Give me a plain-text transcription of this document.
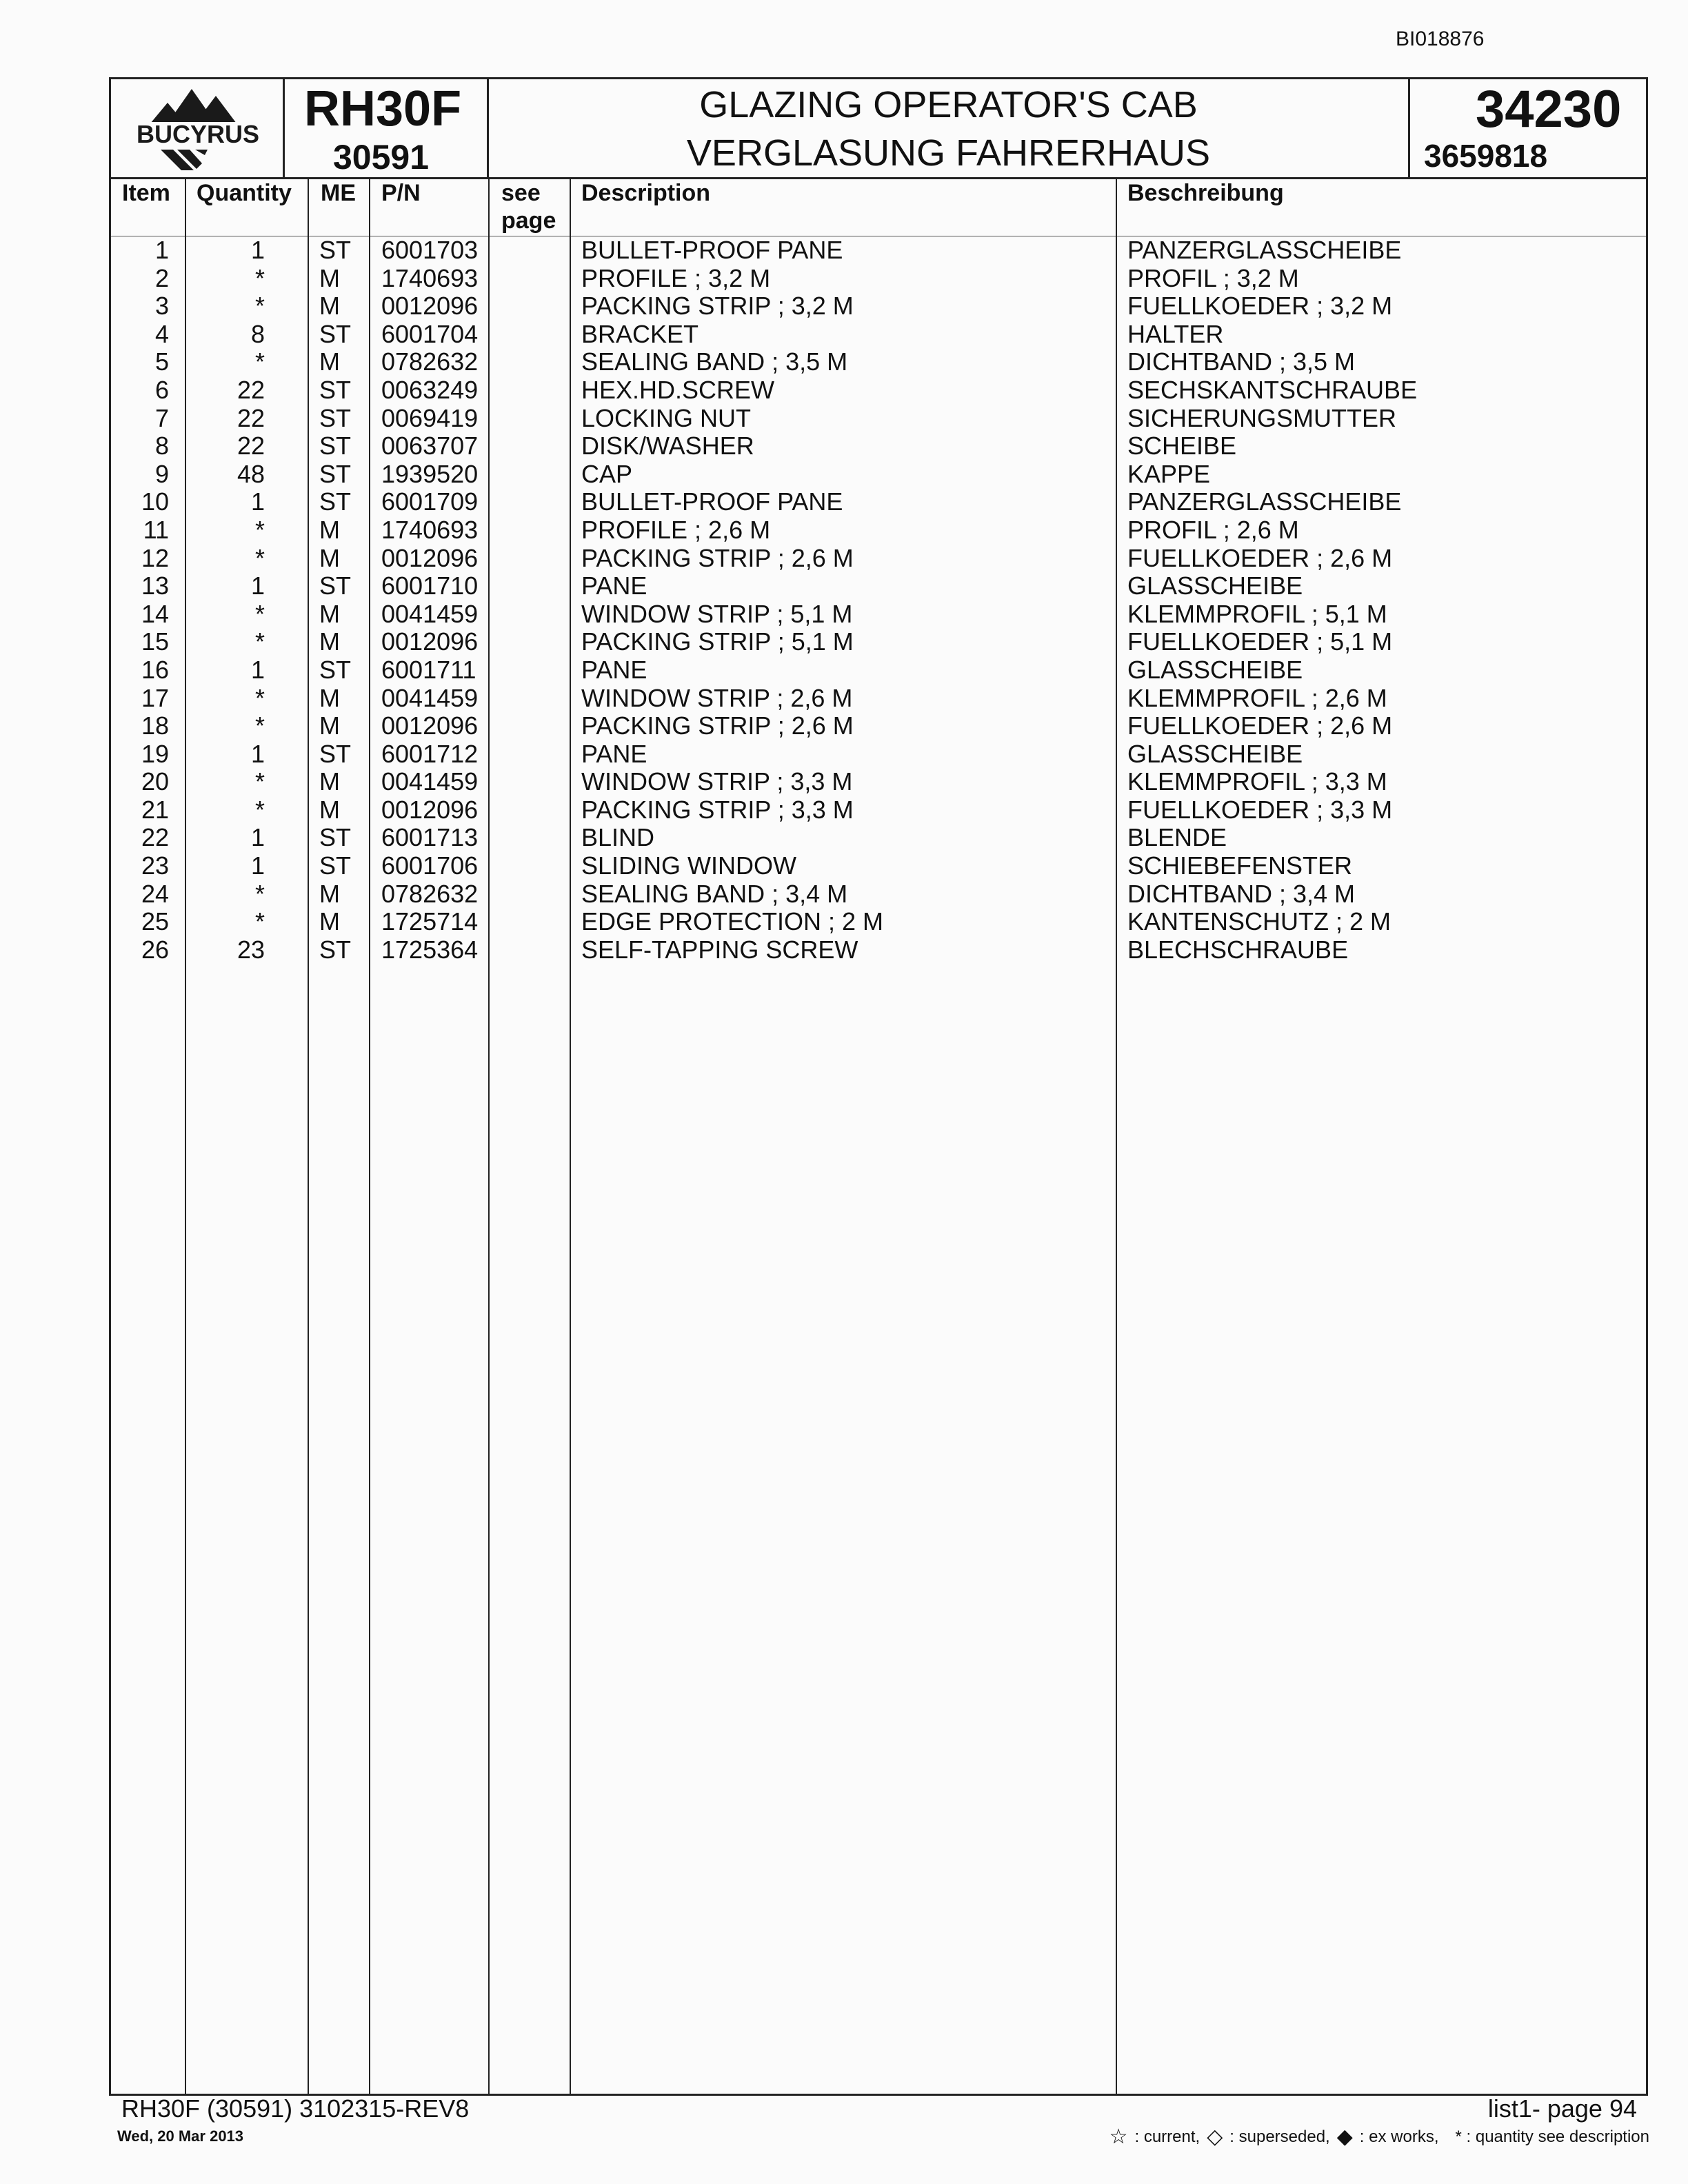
BI018876
BUCYRUS RH30F
30591
GLAZING OPERATOR'S CAB
VERGLASUNG FAHRERHAUS
34230
3659818
Item Quantity ME P/N	see
page
Description	Beschreibung
1	1 ST 6001703	BULLET-PROOF PANE	PANZERGLASSCHEIBE
2	* M 1740693	PROFILE ; 3,2 M	PROFIL ; 3,2 M
3	* M 0012096	PACKING STRIP ; 3,2 M	FUELLKOEDER ; 3,2 M
4	8 ST 6001704	BRACKET	HALTER
5	* M 0782632	SEALING BAND ; 3,5 M	DICHTBAND ; 3,5 M
6	22 ST 0063249	HEX.HD.SCREW	SECHSKANTSCHRAUBE
7	22 ST 0069419	LOCKING NUT	SICHERUNGSMUTTER
8	22 ST 0063707	DISK/WASHER	SCHEIBE
9	48 ST 1939520	CAP	KAPPE
10	1 ST 6001709	BULLET-PROOF PANE	PANZERGLASSCHEIBE
11	* M 1740693	PROFILE ; 2,6 M	PROFIL ; 2,6 M
12	* M 0012096	PACKING STRIP ; 2,6 M	FUELLKOEDER ; 2,6 M
13	1 ST 6001710	PANE	GLASSCHEIBE
14	* M 0041459	WINDOW STRIP ; 5,1 M	KLEMMPROFIL ; 5,1 M
15	* M 0012096	PACKING STRIP ; 5,1 M	FUELLKOEDER ; 5,1 M
16	1 ST 6001711	PANE	GLASSCHEIBE
17	* M 0041459	WINDOW STRIP ; 2,6 M	KLEMMPROFIL ; 2,6 M
18	* M 0012096	PACKING STRIP ; 2,6 M	FUELLKOEDER ; 2,6 M
19	1 ST 6001712	PANE	GLASSCHEIBE
20	* M 0041459	WINDOW STRIP ; 3,3 M	KLEMMPROFIL ; 3,3 M
21	* M 0012096	PACKING STRIP ; 3,3 M	FUELLKOEDER ; 3,3 M
22	1 ST 6001713	BLIND	BLENDE
23	1 ST 6001706	SLIDING WINDOW	SCHIEBEFENSTER
24	* M 0782632	SEALING BAND ; 3,4 M	DICHTBAND ; 3,4 M
25	* M 1725714	EDGE PROTECTION ; 2 M	KANTENSCHUTZ ; 2 M
26	23 ST 1725364	SELF-TAPPING SCREW	BLECHSCHRAUBE
RH30F (30591) 3102315-REV8
Wed, 20 Mar 2013
list1- page 94
☆ : current, ◇ : superseded, ◆ : ex works, * : quantity see description
